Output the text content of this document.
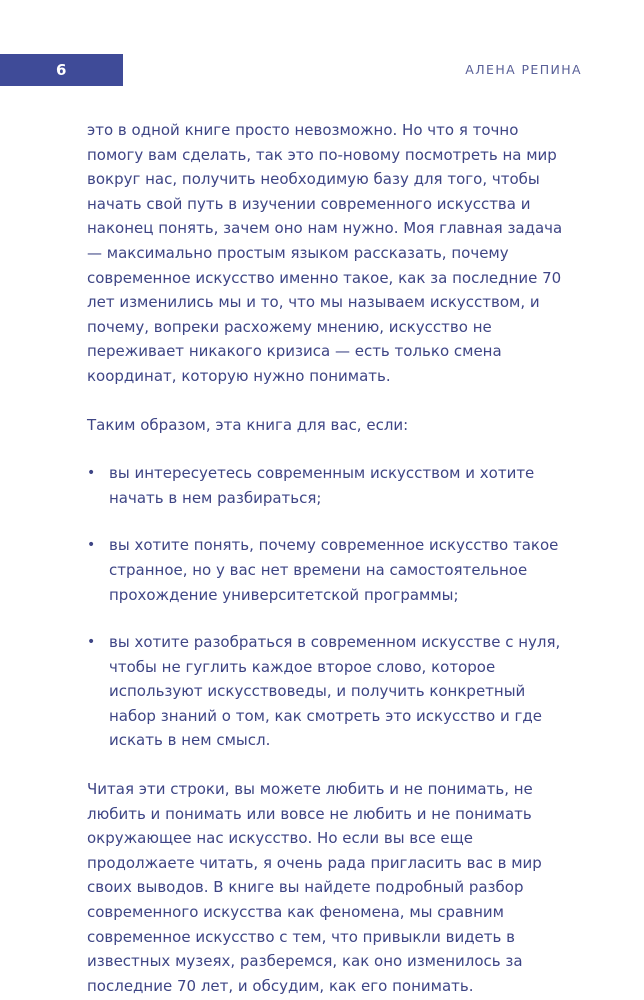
6	АЛЕНА РЕПИНА

это в одной книге просто невозможно. Но что я точно помогу вам сделать, так это по-новому посмотреть на мир вокруг нас, получить необходимую базу для того, чтобы начать свой путь в изучении современного искусства и наконец понять, зачем оно нам нужно. Моя главная задача — максимально простым языком рассказать, почему современное искусство именно такое, как за последние 70 лет изменились мы и то, что мы называем искусством, и почему, вопреки расхожему мнению, искусство не переживает никакого кризиса — есть только смена координат, которую нужно понимать.

Таким образом, эта книга для вас, если:

• вы интересуетесь современным искусством и хотите начать в нем разбираться;
• вы хотите понять, почему современное искусство такое странное, но у вас нет времени на самостоятельное прохождение университетской программы;
• вы хотите разобраться в современном искусстве с нуля, чтобы не гуглить каждое второе слово, которое используют искусствоведы, и получить конкретный набор знаний о том, как смотреть это искусство и где искать в нем смысл.

Читая эти строки, вы можете любить и не понимать, не любить и понимать или вовсе не любить и не понимать окружающее нас искусство. Но если вы все еще продолжаете читать, я очень рада пригласить вас в мир своих выводов. В книге вы найдете подробный разбор современного искусства как феномена, мы сравним современное искусство с тем, что привыкли видеть в известных музеях, разберемся, как оно изменилось за последние 70 лет, и обсудим, как его понимать.
